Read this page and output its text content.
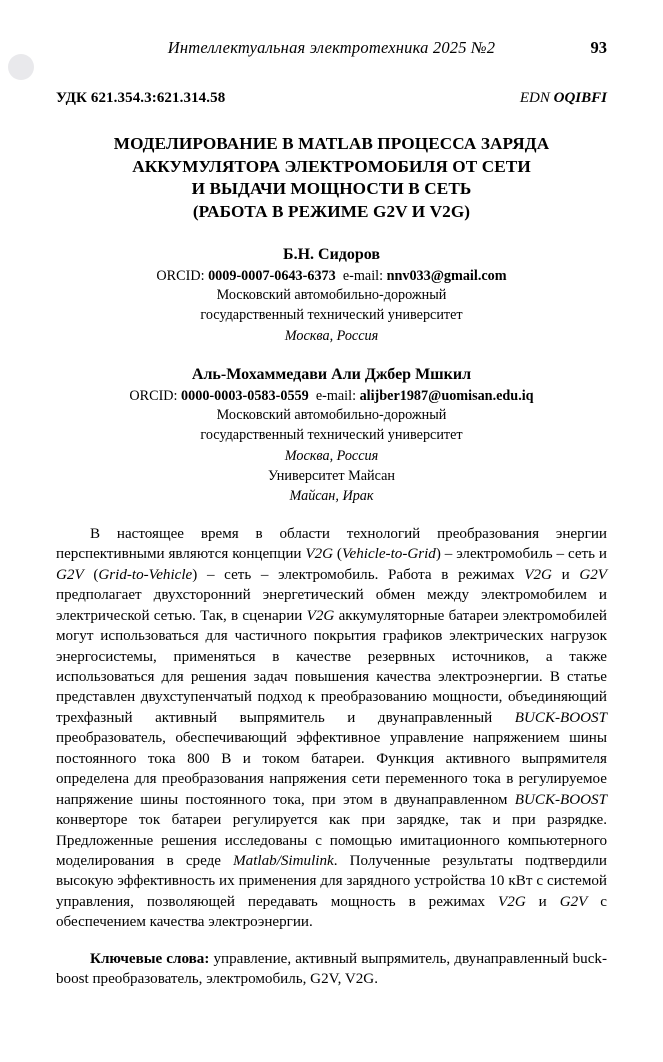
Интеллектуальная электротехника 2025 №2	93
УДК 621.354.3:621.314.58	EDN OQIBFI
МОДЕЛИРОВАНИЕ В MATLAB ПРОЦЕССА ЗАРЯДА
АККУМУЛЯТОРА ЭЛЕКТРОМОБИЛЯ ОТ СЕТИ
И ВЫДАЧИ МОЩНОСТИ В СЕТЬ
(РАБОТА В РЕЖИМЕ G2V И V2G)
Б.Н. Сидоров
ORCID: 0009-0007-0643-6373 e-mail: nnv033@gmail.com
Московский автомобильно-дорожный
государственный технический университет
Москва, Россия
Аль-Мохаммедави Али Джбер Мшкил
ORCID: 0000-0003-0583-0559 e-mail: alijber1987@uomisan.edu.iq
Московский автомобильно-дорожный
государственный технический университет
Москва, Россия
Университет Майсан
Майсан, Ирак
В настоящее время в области технологий преобразования энергии перспективными являются концепции V2G (Vehicle-to-Grid) – электромобиль – сеть и G2V (Grid-to-Vehicle) – сеть – электромобиль. Работа в режимах V2G и G2V предполагает двухсторонний энергетический обмен между электромобилем и электрической сетью. Так, в сценарии V2G аккумуляторные батареи электромобилей могут использоваться для частичного покрытия графиков электрических нагрузок энергосистемы, применяться в качестве резервных источников, а также использоваться для решения задач повышения качества электроэнергии. В статье представлен двухступенчатый подход к преобразованию мощности, объединяющий трехфазный активный выпрямитель и двунаправленный BUCK-BOOST преобразователь, обеспечивающий эффективное управление напряжением шины постоянного тока 800 В и током батареи. Функция активного выпрямителя определена для преобразования напряжения сети переменного тока в регулируемое напряжение шины постоянного тока, при этом в двунаправленном BUCK-BOOST конверторе ток батареи регулируется как при зарядке, так и при разрядке. Предложенные решения исследованы с помощью имитационного компьютерного моделирования в среде Matlab/Simulink. Полученные результаты подтвердили высокую эффективность их применения для зарядного устройства 10 кВт с системой управления, позволяющей передавать мощность в режимах V2G и G2V с обеспечением качества электроэнергии.
Ключевые слова: управление, активный выпрямитель, двунаправленный buck-boost преобразователь, электромобиль, G2V, V2G.
